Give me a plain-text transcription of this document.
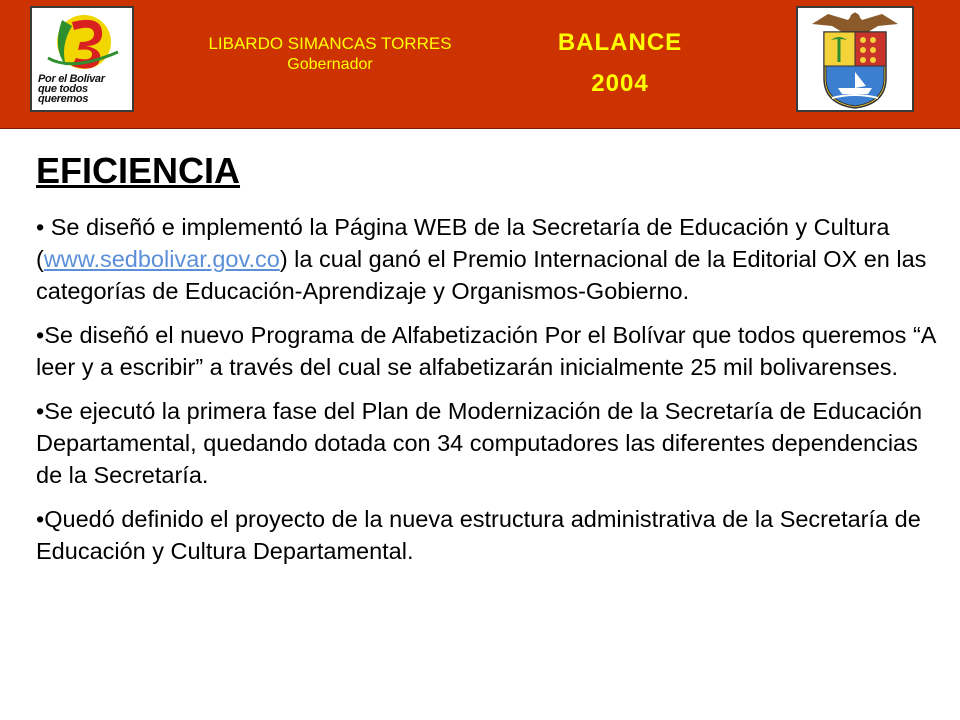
Por el Bolívar
que todos
queremos
LIBARDO SIMANCAS TORRES
Gobernador
BALANCE
2004
EFICIENCIA

• Se diseñó e implementó la Página WEB de la Secretaría de Educación y Cultura (www.sedbolivar.gov.co) la cual ganó el Premio Internacional de la Editorial OX en las categorías de Educación-Aprendizaje y Organismos-Gobierno.

•Se diseñó el nuevo Programa de Alfabetización Por el Bolívar que todos queremos “A leer y a escribir” a través del cual se alfabetizarán inicialmente 25 mil bolivarenses.

•Se ejecutó la primera fase del Plan de Modernización de la Secretaría de Educación Departamental, quedando dotada con 34 computadores las diferentes dependencias de la Secretaría.

•Quedó definido el proyecto de la nueva estructura administrativa de la Secretaría de Educación y Cultura Departamental.
